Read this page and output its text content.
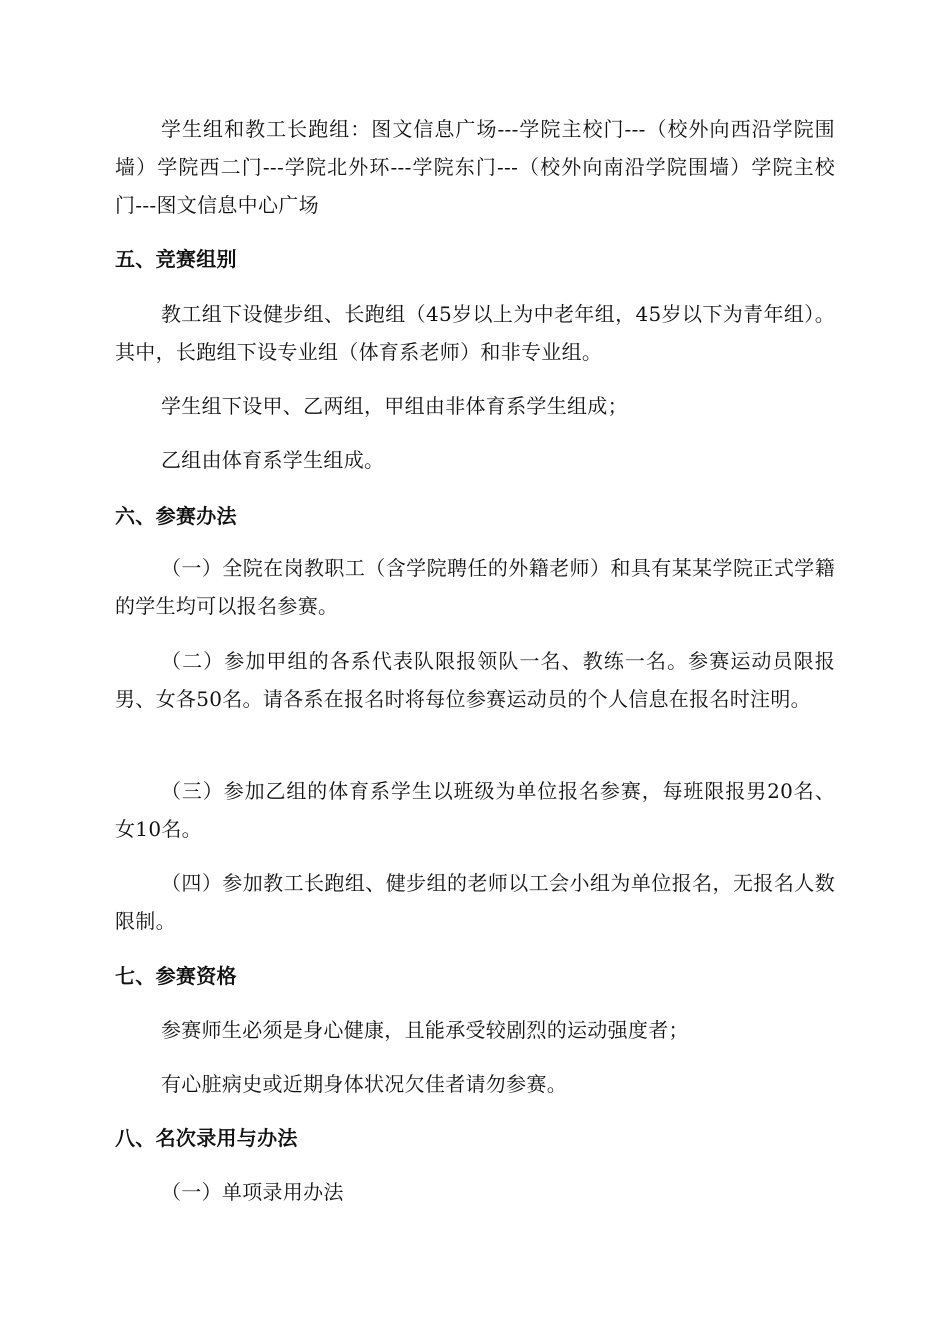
学生组和教工长跑组：图文信息广场---学院主校门---（校外向西沿学院围墙）学院西二门---学院北外环---学院东门---（校外向南沿学院围墙）学院主校门---图文信息中心广场

五、竞赛组别

教工组下设健步组、长跑组（45岁以上为中老年组，45岁以下为青年组）。其中，长跑组下设专业组（体育系老师）和非专业组。

学生组下设甲、乙两组，甲组由非体育系学生组成；

乙组由体育系学生组成。

六、参赛办法

（一）全院在岗教职工（含学院聘任的外籍老师）和具有某某学院正式学籍的学生均可以报名参赛。

（二）参加甲组的各系代表队限报领队一名、教练一名。参赛运动员限报男、女各50名。请各系在报名时将每位参赛运动员的个人信息在报名时注明。

（三）参加乙组的体育系学生以班级为单位报名参赛，每班限报男20名、女10名。

（四）参加教工长跑组、健步组的老师以工会小组为单位报名，无报名人数限制。

七、参赛资格

参赛师生必须是身心健康，且能承受较剧烈的运动强度者；

有心脏病史或近期身体状况欠佳者请勿参赛。

八、名次录用与办法

（一）单项录用办法
